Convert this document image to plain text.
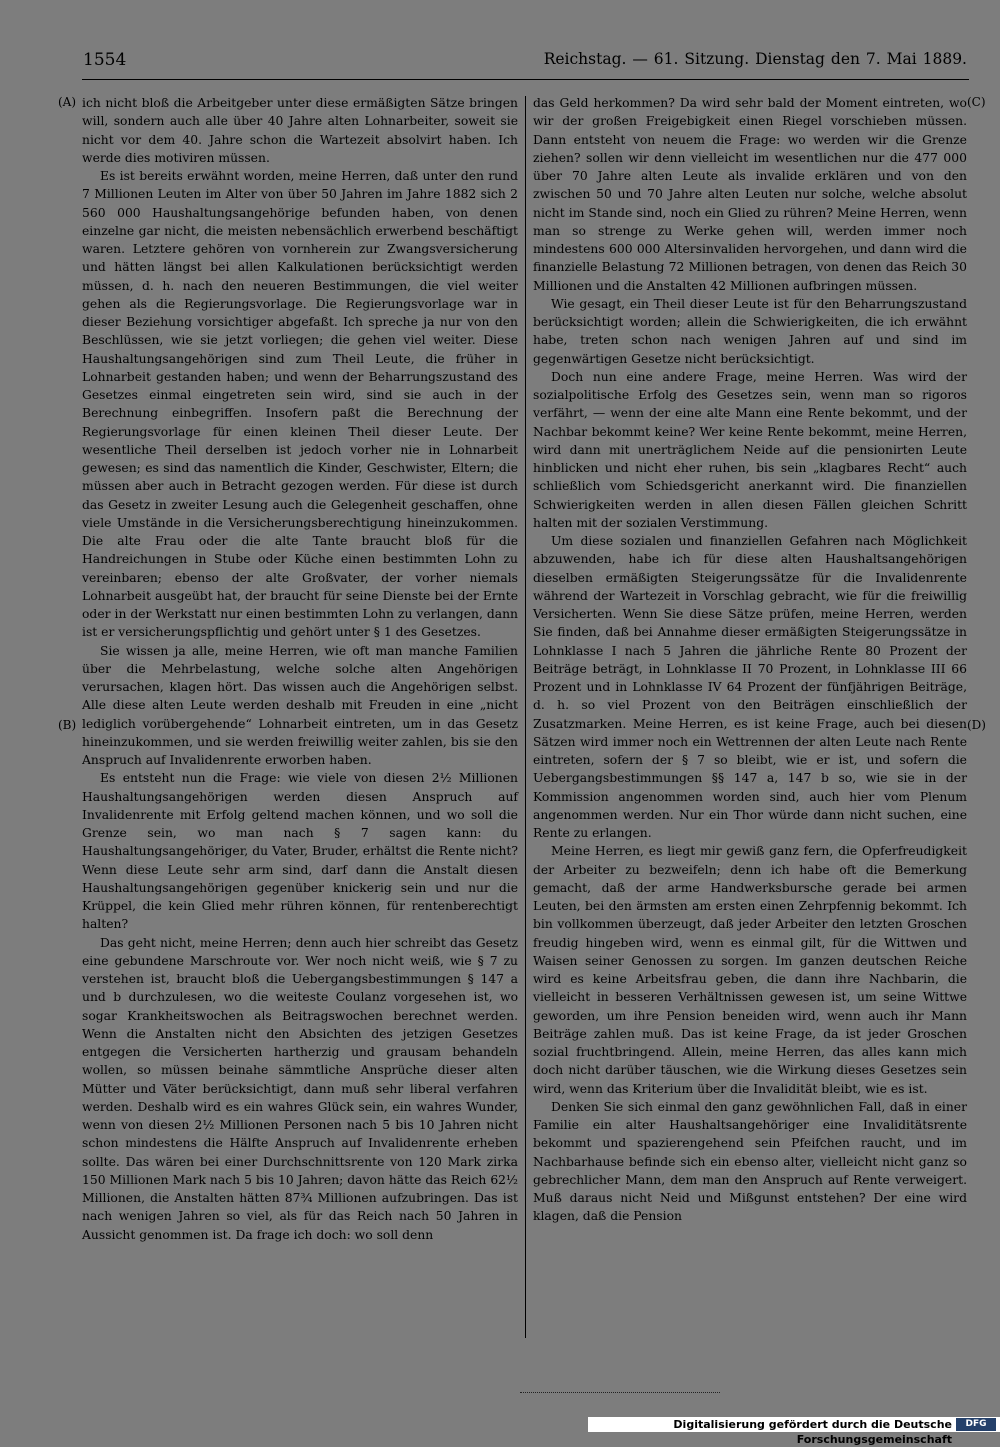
1554	Reichstag. — 61. Sitzung. Dienstag den 7. Mai 1889.
(A)
(B)
(C)
(D)

ich nicht bloß die Arbeitgeber unter diese ermäßigten Sätze bringen will, sondern auch alle über 40 Jahre alten Lohnarbeiter, soweit sie nicht vor dem 40. Jahre schon die Wartezeit absolvirt haben. Ich werde dies motiviren müssen.

Es ist bereits erwähnt worden, meine Herren, daß unter den rund 7 Millionen Leuten im Alter von über 50 Jahren im Jahre 1882 sich 2 560 000 Haushaltungsangehörige befunden haben, von denen einzelne gar nicht, die meisten nebensächlich erwerbend beschäftigt waren. Letztere gehören von vornherein zur Zwangsversicherung und hätten längst bei allen Kalkulationen berücksichtigt werden müssen, d. h. nach den neueren Bestimmungen, die viel weiter gehen als die Regierungsvorlage. Die Regierungsvorlage war in dieser Beziehung vorsichtiger abgefaßt. Ich spreche ja nur von den Beschlüssen, wie sie jetzt vorliegen; die gehen viel weiter. Diese Haushaltungsangehörigen sind zum Theil Leute, die früher in Lohnarbeit gestanden haben; und wenn der Beharrungszustand des Gesetzes einmal eingetreten sein wird, sind sie auch in der Berechnung einbegriffen. Insofern paßt die Berechnung der Regierungsvorlage für einen kleinen Theil dieser Leute. Der wesentliche Theil derselben ist jedoch vorher nie in Lohnarbeit gewesen; es sind das namentlich die Kinder, Geschwister, Eltern; die müssen aber auch in Betracht gezogen werden. Für diese ist durch das Gesetz in zweiter Lesung auch die Gelegenheit geschaffen, ohne viele Umstände in die Versicherungsberechtigung hineinzukommen. Die alte Frau oder die alte Tante braucht bloß für die Handreichungen in Stube oder Küche einen bestimmten Lohn zu vereinbaren; ebenso der alte Großvater, der vorher niemals Lohnarbeit ausgeübt hat, der braucht für seine Dienste bei der Ernte oder in der Werkstatt nur einen bestimmten Lohn zu verlangen, dann ist er versicherungspflichtig und gehört unter § 1 des Gesetzes.

Sie wissen ja alle, meine Herren, wie oft man manche Familien über die Mehrbelastung, welche solche alten Angehörigen verursachen, klagen hört. Das wissen auch die Angehörigen selbst. Alle diese alten Leute werden deshalb mit Freuden in eine „nicht lediglich vorübergehende“ Lohnarbeit eintreten, um in das Gesetz hineinzukommen, und sie werden freiwillig weiter zahlen, bis sie den Anspruch auf Invalidenrente erworben haben.

Es entsteht nun die Frage: wie viele von diesen 2½ Millionen Haushaltungsangehörigen werden diesen Anspruch auf Invalidenrente mit Erfolg geltend machen können, und wo soll die Grenze sein, wo man nach § 7 sagen kann: du Haushaltungsangehöriger, du Vater, Bruder, erhältst die Rente nicht? Wenn diese Leute sehr arm sind, darf dann die Anstalt diesen Haushaltungsangehörigen gegenüber knickerig sein und nur die Krüppel, die kein Glied mehr rühren können, für rentenberechtigt halten?

Das geht nicht, meine Herren; denn auch hier schreibt das Gesetz eine gebundene Marschroute vor. Wer noch nicht weiß, wie § 7 zu verstehen ist, braucht bloß die Uebergangsbestimmungen § 147 a und b durchzulesen, wo die weiteste Coulanz vorgesehen ist, wo sogar Krankheitswochen als Beitragswochen berechnet werden. Wenn die Anstalten nicht den Absichten des jetzigen Gesetzes entgegen die Versicherten hartherzig und grausam behandeln wollen, so müssen beinahe sämmtliche Ansprüche dieser alten Mütter und Väter berücksichtigt, dann muß sehr liberal verfahren werden. Deshalb wird es ein wahres Glück sein, ein wahres Wunder, wenn von diesen 2½ Millionen Personen nach 5 bis 10 Jahren nicht schon mindestens die Hälfte Anspruch auf Invalidenrente erheben sollte. Das wären bei einer Durchschnittsrente von 120 Mark zirka 150 Millionen Mark nach 5 bis 10 Jahren; davon hätte das Reich 62½ Millionen, die Anstalten hätten 87¾ Millionen aufzubringen. Das ist nach wenigen Jahren so viel, als für das Reich nach 50 Jahren in Aussicht genommen ist. Da frage ich doch: wo soll denn

das Geld herkommen? Da wird sehr bald der Moment eintreten, wo wir der großen Freigebigkeit einen Riegel vorschieben müssen. Dann entsteht von neuem die Frage: wo werden wir die Grenze ziehen? sollen wir denn vielleicht im wesentlichen nur die 477 000 über 70 Jahre alten Leute als invalide erklären und von den zwischen 50 und 70 Jahre alten Leuten nur solche, welche absolut nicht im Stande sind, noch ein Glied zu rühren? Meine Herren, wenn man so strenge zu Werke gehen will, werden immer noch mindestens 600 000 Altersinvaliden hervorgehen, und dann wird die finanzielle Belastung 72 Millionen betragen, von denen das Reich 30 Millionen und die Anstalten 42 Millionen aufbringen müssen.

Wie gesagt, ein Theil dieser Leute ist für den Beharrungszustand berücksichtigt worden; allein die Schwierigkeiten, die ich erwähnt habe, treten schon nach wenigen Jahren auf und sind im gegenwärtigen Gesetze nicht berücksichtigt.

Doch nun eine andere Frage, meine Herren. Was wird der sozialpolitische Erfolg des Gesetzes sein, wenn man so rigoros verfährt, — wenn der eine alte Mann eine Rente bekommt, und der Nachbar bekommt keine? Wer keine Rente bekommt, meine Herren, wird dann mit unerträglichem Neide auf die pensionirten Leute hinblicken und nicht eher ruhen, bis sein „klagbares Recht“ auch schließlich vom Schiedsgericht anerkannt wird. Die finanziellen Schwierigkeiten werden in allen diesen Fällen gleichen Schritt halten mit der sozialen Verstimmung.

Um diese sozialen und finanziellen Gefahren nach Möglichkeit abzuwenden, habe ich für diese alten Haushaltsangehörigen dieselben ermäßigten Steigerungssätze für die Invalidenrente während der Wartezeit in Vorschlag gebracht, wie für die freiwillig Versicherten. Wenn Sie diese Sätze prüfen, meine Herren, werden Sie finden, daß bei Annahme dieser ermäßigten Steigerungssätze in Lohnklasse I nach 5 Jahren die jährliche Rente 80 Prozent der Beiträge beträgt, in Lohnklasse II 70 Prozent, in Lohnklasse III 66 Prozent und in Lohnklasse IV 64 Prozent der fünfjährigen Beiträge, d. h. so viel Prozent von den Beiträgen einschließlich der Zusatzmarken. Meine Herren, es ist keine Frage, auch bei diesen Sätzen wird immer noch ein Wettrennen der alten Leute nach Rente eintreten, sofern der § 7 so bleibt, wie er ist, und sofern die Uebergangsbestimmungen §§ 147 a, 147 b so, wie sie in der Kommission angenommen worden sind, auch hier vom Plenum angenommen werden. Nur ein Thor würde dann nicht suchen, eine Rente zu erlangen.

Meine Herren, es liegt mir gewiß ganz fern, die Opferfreudigkeit der Arbeiter zu bezweifeln; denn ich habe oft die Bemerkung gemacht, daß der arme Handwerksbursche gerade bei armen Leuten, bei den ärmsten am ersten einen Zehrpfennig bekommt. Ich bin vollkommen überzeugt, daß jeder Arbeiter den letzten Groschen freudig hingeben wird, wenn es einmal gilt, für die Wittwen und Waisen seiner Genossen zu sorgen. Im ganzen deutschen Reiche wird es keine Arbeitsfrau geben, die dann ihre Nachbarin, die vielleicht in besseren Verhältnissen gewesen ist, um seine Wittwe geworden, um ihre Pension beneiden wird, wenn auch ihr Mann Beiträge zahlen muß. Das ist keine Frage, da ist jeder Groschen sozial fruchtbringend. Allein, meine Herren, das alles kann mich doch nicht darüber täuschen, wie die Wirkung dieses Gesetzes sein wird, wenn das Kriterium über die Invalidität bleibt, wie es ist.

Denken Sie sich einmal den ganz gewöhnlichen Fall, daß in einer Familie ein alter Haushaltsangehöriger eine Invaliditätsrente bekommt und spazierengehend sein Pfeifchen raucht, und im Nachbarhause befinde sich ein ebenso alter, vielleicht nicht ganz so gebrechlicher Mann, dem man den Anspruch auf Rente verweigert. Muß daraus nicht Neid und Mißgunst entstehen? Der eine wird klagen, daß die Pension

Digitalisierung gefördert durch die Deutsche Forschungsgemeinschaft
DFG
